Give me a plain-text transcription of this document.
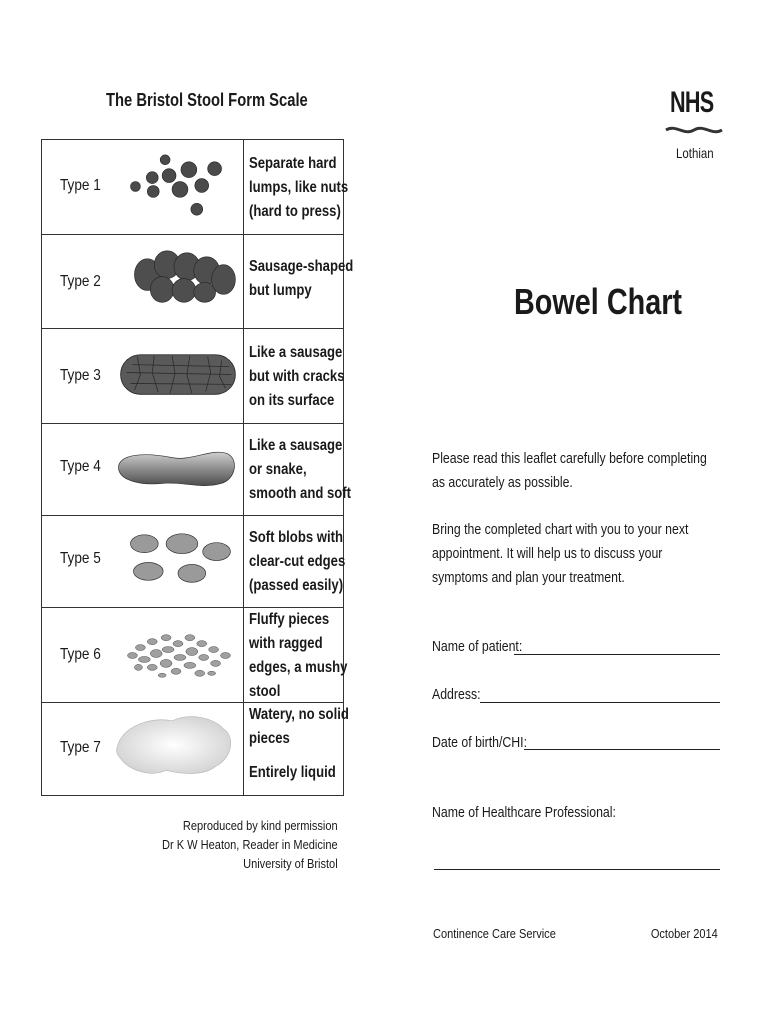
The Bristol Stool Form Scale
Type 1
Separate hard
lumps, like nuts
(hard to press)
Type 2
Sausage-shaped
but lumpy
Type 3
Like a sausage
but with cracks
on its surface
Type 4
Like a sausage
or snake,
smooth and soft
Type 5
Soft blobs with
clear-cut edges
(passed easily)
Type 6
Fluffy pieces
with ragged
edges, a mushy
stool
Type 7
Watery, no solid
pieces
Entirely liquid
Reproduced by kind permission
Dr K W Heaton, Reader in Medicine
University of Bristol
NHS
Lothian
Bowel Chart
Please read this leaflet carefully before completing as accurately as possible.
Bring the completed chart with you to your next appointment. It will help us to discuss your symptoms and plan your treatment.
Name of patient:
Address:
Date of birth/CHI:
Name of Healthcare Professional:
Continence Care Service	October 2014
